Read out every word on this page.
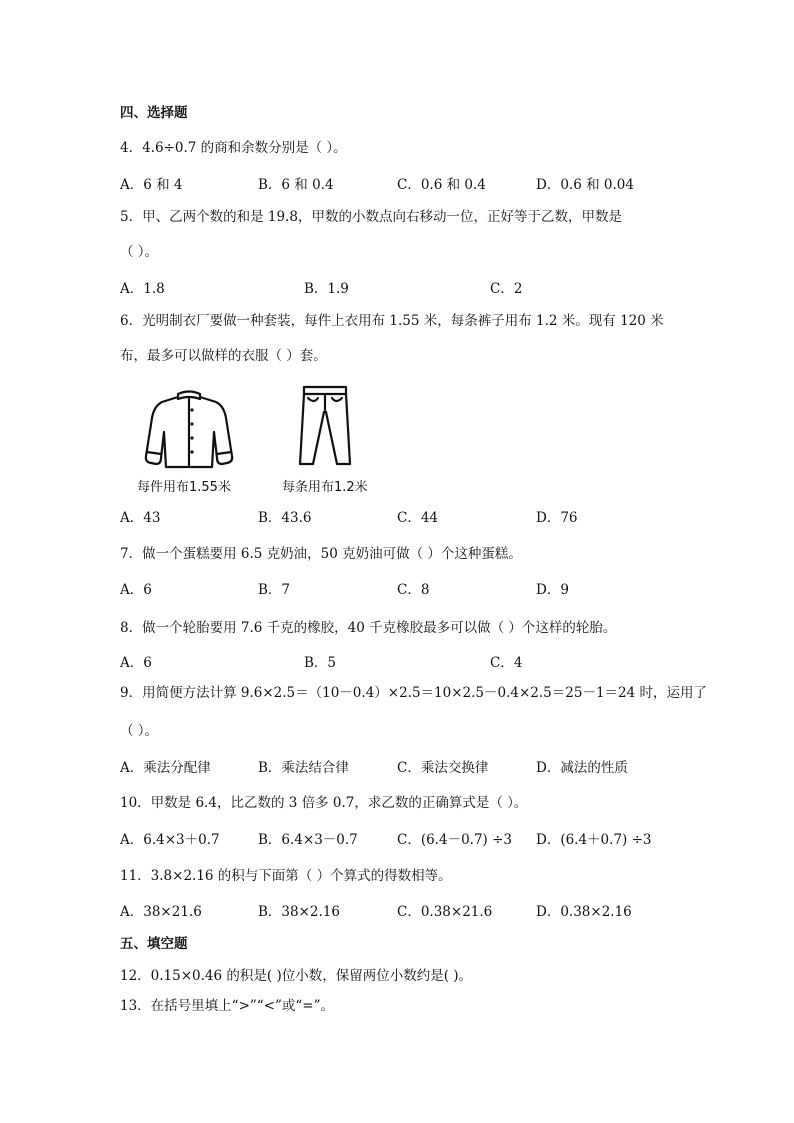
四、选择题
4．4.6÷0.7 的商和余数分别是（ ）。
A．6 和 4	B．6 和 0.4	C．0.6 和 0.4	D．0.6 和 0.04
5．甲、乙两个数的和是 19.8，甲数的小数点向右移动一位，正好等于乙数，甲数是
（ ）。
A．1.8	B．1.9	C．2
6．光明制衣厂要做一种套装，每件上衣用布 1.55 米，每条裤子用布 1.2 米。现有 120 米
布，最多可以做样的衣服（ ）套。
每件用布1.55米	每条用布1.2米
A．43	B．43.6	C．44	D．76
7．做一个蛋糕要用 6.5 克奶油，50 克奶油可做（ ）个这种蛋糕。
A．6	B．7	C．8	D．9
8．做一个轮胎要用 7.6 千克的橡胶，40 千克橡胶最多可以做（ ）个这样的轮胎。
A．6	B．5	C．4
9．用简便方法计算 9.6×2.5＝（10－0.4）×2.5＝10×2.5－0.4×2.5＝25－1＝24 时，运用了
（ ）。
A．乘法分配律	B．乘法结合律	C．乘法交换律	D．减法的性质
10．甲数是 6.4，比乙数的 3 倍多 0.7，求乙数的正确算式是（ ）。
A．6.4×3＋0.7	B．6.4×3－0.7	C．(6.4－0.7) ÷3 D．(6.4＋0.7) ÷3
11．3.8×2.16 的积与下面第（ ）个算式的得数相等。
A．38×21.6	B．38×2.16	C．0.38×21.6	D．0.38×2.16
五、填空题
12．0.15×0.46 的积是( )位小数，保留两位小数约是( )。
13．在括号里填上“>”“<”或“=”。
